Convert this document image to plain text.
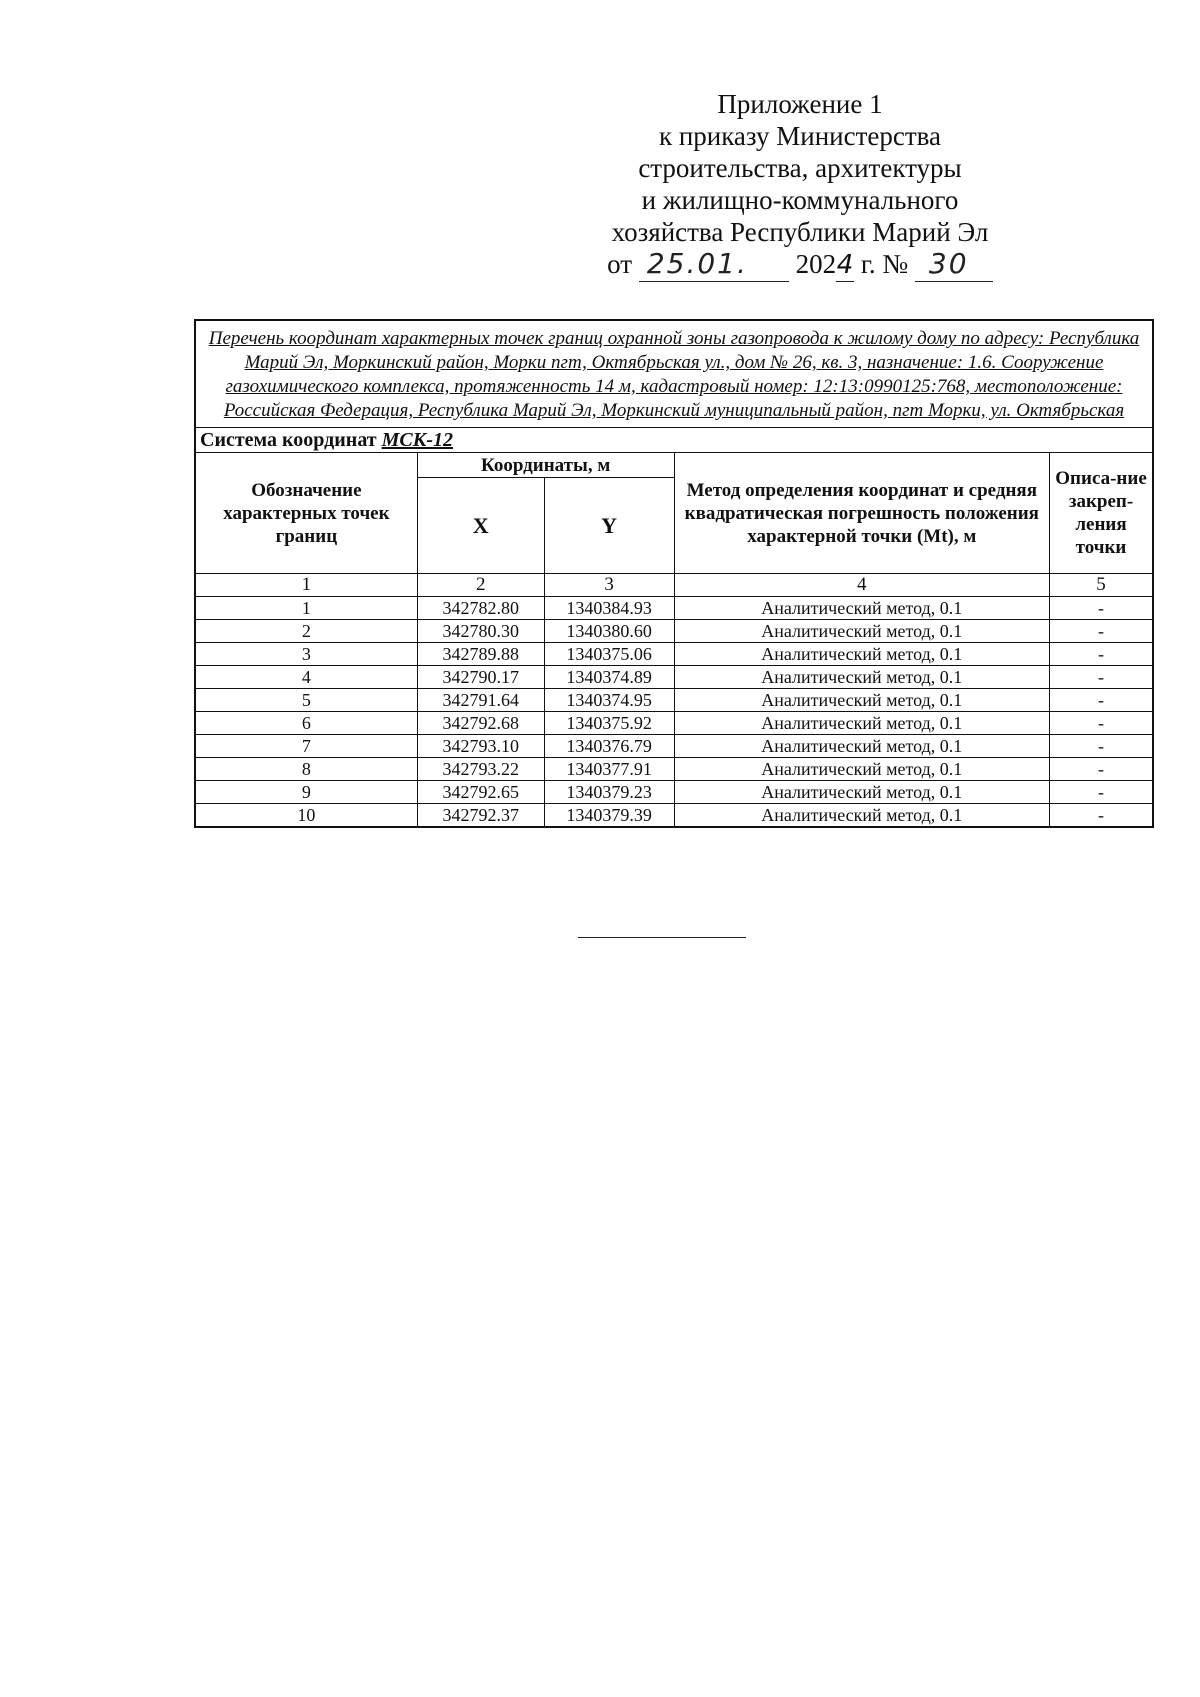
Приложение 1
к приказу Министерства
строительства, архитектуры
и жилищно-коммунального
хозяйства Республики Марий Эл
от 25.01.	2024 г. № 30
Перечень координат характерных точек границ охранной зоны газопровода к жилому дому по адресу: Республика Марий Эл, Моркинский район, Морки пгт, Октябрьская ул., дом № 26, кв. 3, назначение: 1.6. Сооружение газохимического комплекса, протяженность 14 м, кадастровый номер: 12:13:0990125:768, местоположение: Российская Федерация, Республика Марий Эл, Моркинский муниципальный район, пгт Морки, ул. Октябрьская				
Система координат МСК-12				
Обозначение характерных точек границ	Координаты, м		Метод определения координат и средняя квадратическая погрешность положения характерной точки (Mt), м	Описа-ние закреп-ления точки
	X	Y		
1	2	3	4	5
1	342782.80	1340384.93	Аналитический метод, 0.1	-
2	342780.30	1340380.60	Аналитический метод, 0.1	-
3	342789.88	1340375.06	Аналитический метод, 0.1	-
4	342790.17	1340374.89	Аналитический метод, 0.1	-
5	342791.64	1340374.95	Аналитический метод, 0.1	-
6	342792.68	1340375.92	Аналитический метод, 0.1	-
7	342793.10	1340376.79	Аналитический метод, 0.1	-
8	342793.22	1340377.91	Аналитический метод, 0.1	-
9	342792.65	1340379.23	Аналитический метод, 0.1	-
10	342792.37	1340379.39	Аналитический метод, 0.1	-
